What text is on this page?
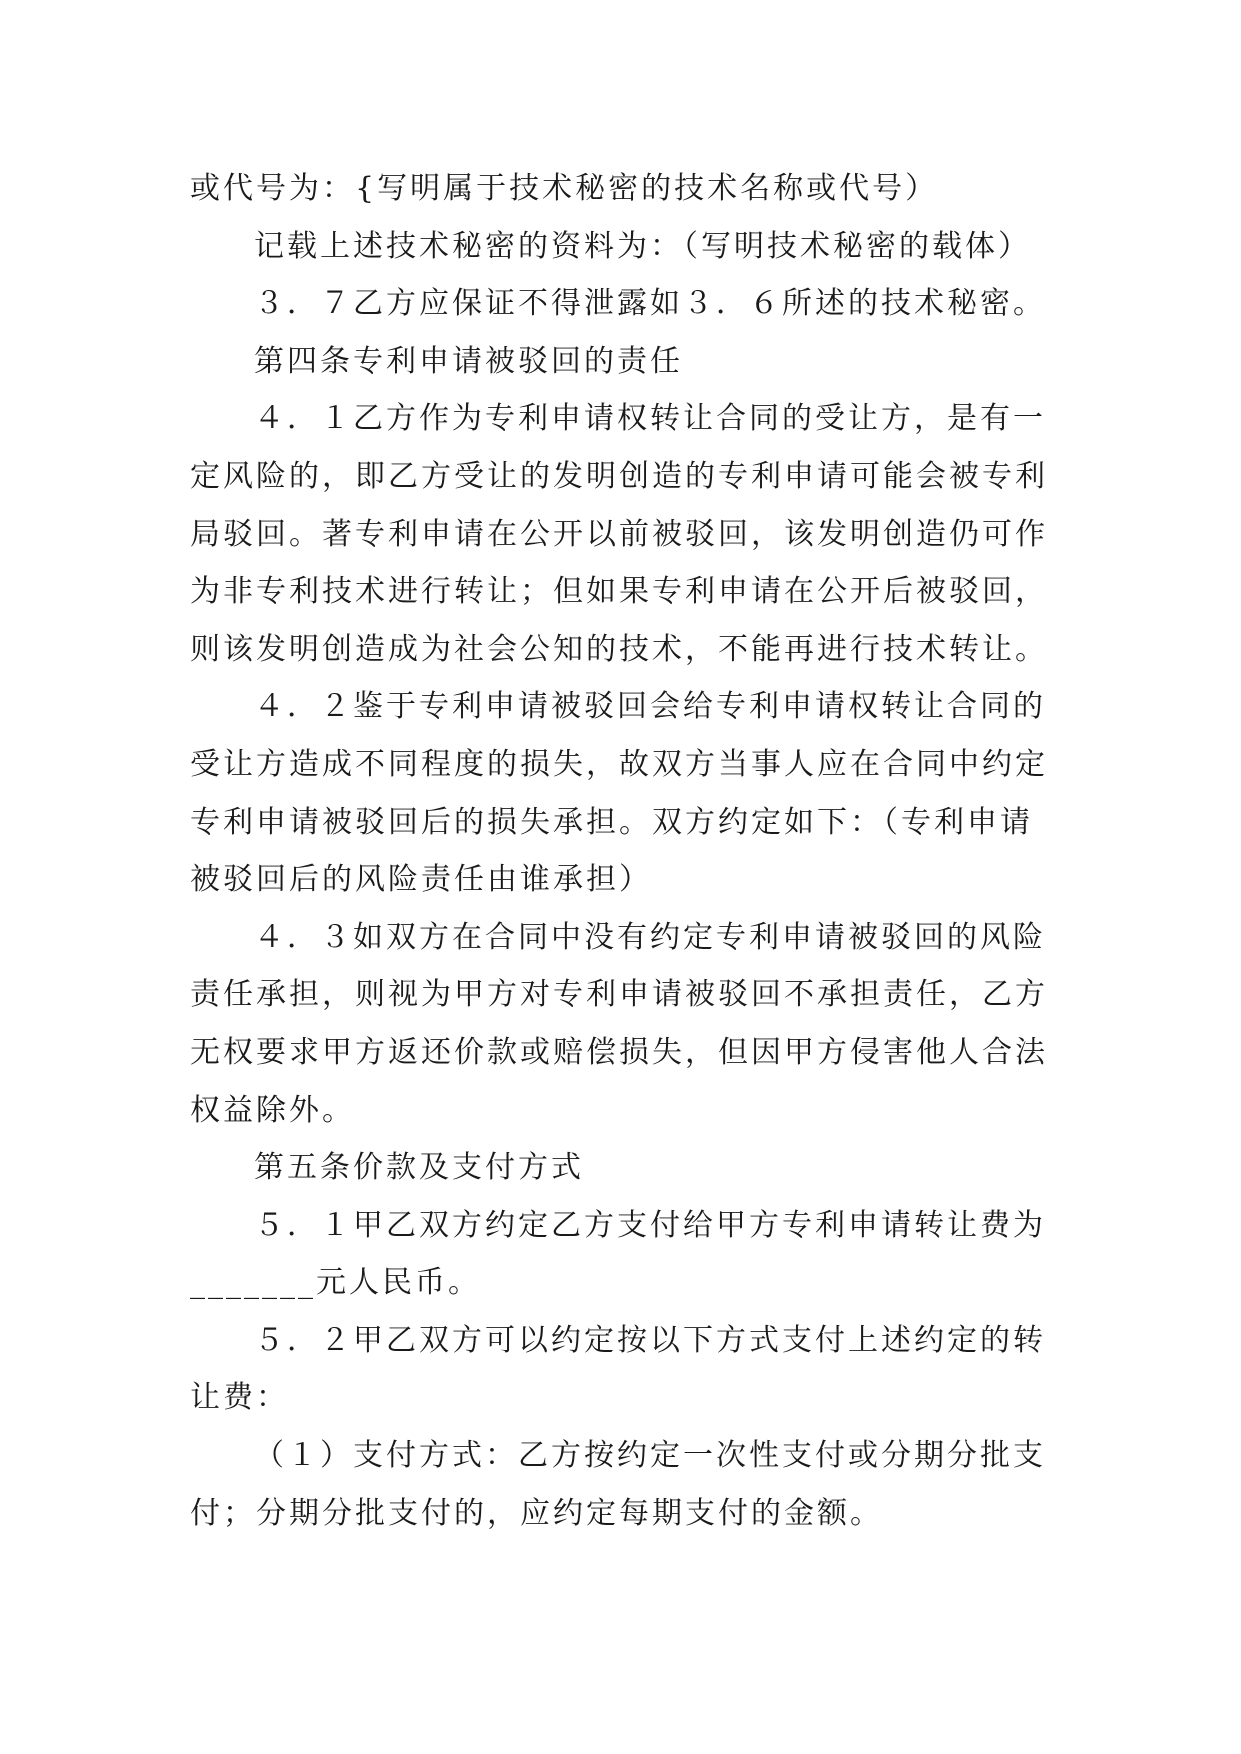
或代号为：{写明属于技术秘密的技术名称或代号）

记载上述技术秘密的资料为：（写明技术秘密的载体）

３．７乙方应保证不得泄露如３．６所述的技术秘密。

第四条专利申请被驳回的责任

４．１乙方作为专利申请权转让合同的受让方，是有一

定风险的，即乙方受让的发明创造的专利申请可能会被专利

局驳回。著专利申请在公开以前被驳回，该发明创造仍可作

为非专利技术进行转让；但如果专利申请在公开后被驳回，

则该发明创造成为社会公知的技术，不能再进行技术转让。

４．２鉴于专利申请被驳回会给专利申请权转让合同的

受让方造成不同程度的损失，故双方当事人应在合同中约定

专利申请被驳回后的损失承担。双方约定如下：（专利申请

被驳回后的风险责任由谁承担）

４．３如双方在合同中没有约定专利申请被驳回的风险

责任承担，则视为甲方对专利申请被驳回不承担责任，乙方

无权要求甲方返还价款或赔偿损失，但因甲方侵害他人合法

权益除外。

第五条价款及支付方式

５．１甲乙双方约定乙方支付给甲方专利申请转让费为

_______元人民币。

５．２甲乙双方可以约定按以下方式支付上述约定的转

让费：

（１）支付方式：乙方按约定一次性支付或分期分批支

付；分期分批支付的，应约定每期支付的金额。
